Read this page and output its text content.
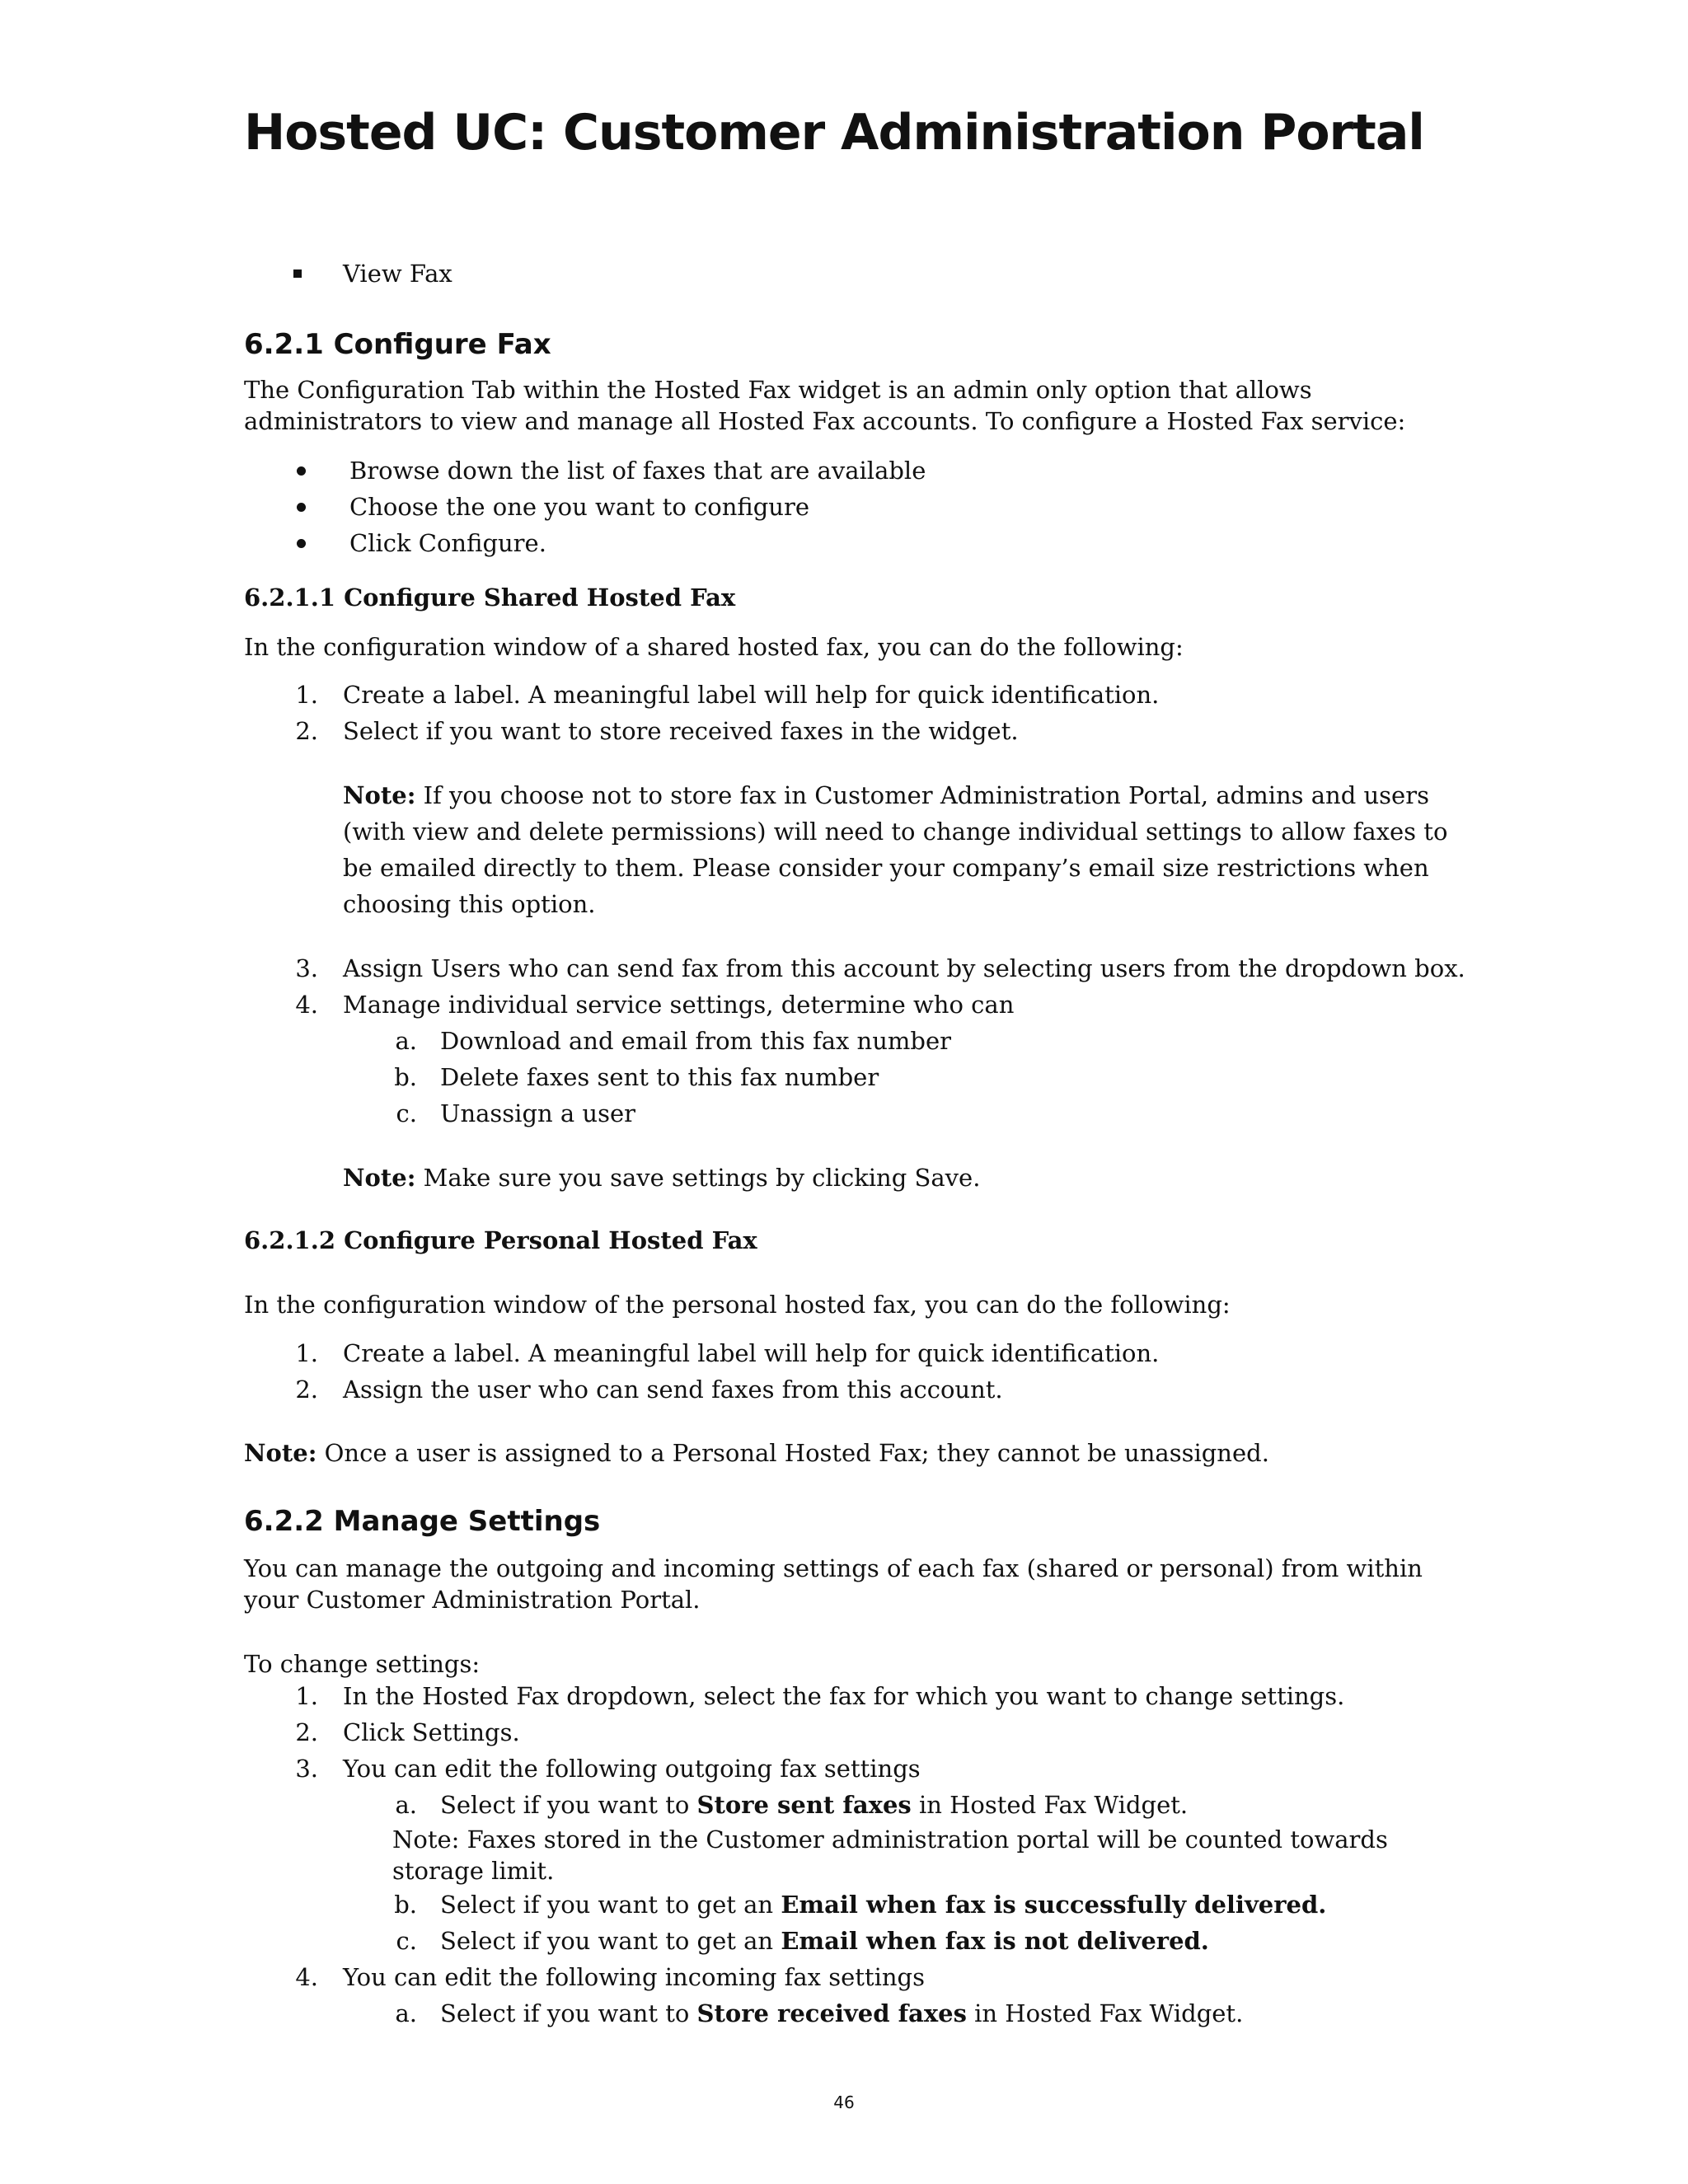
Hosted UC: Customer Administration Portal
View Fax
6.2.1 Configure Fax
The Configuration Tab within the Hosted Fax widget is an admin only option that allows
administrators to view and manage all Hosted Fax accounts. To configure a Hosted Fax service:
Browse down the list of faxes that are available
Choose the one you want to configure
Click Configure.
6.2.1.1 Configure Shared Hosted Fax
In the configuration window of a shared hosted fax, you can do the following:
1. Create a label. A meaningful label will help for quick identification.
2. Select if you want to store received faxes in the widget.
Note: If you choose not to store fax in Customer Administration Portal, admins and users
(with view and delete permissions) will need to change individual settings to allow faxes to
be emailed directly to them. Please consider your company’s email size restrictions when
choosing this option.
3. Assign Users who can send fax from this account by selecting users from the dropdown box.
4. Manage individual service settings, determine who can
a. Download and email from this fax number
b. Delete faxes sent to this fax number
c. Unassign a user
Note: Make sure you save settings by clicking Save.
6.2.1.2 Configure Personal Hosted Fax
In the configuration window of the personal hosted fax, you can do the following:
1. Create a label. A meaningful label will help for quick identification.
2. Assign the user who can send faxes from this account.
Note: Once a user is assigned to a Personal Hosted Fax; they cannot be unassigned.
6.2.2 Manage Settings
You can manage the outgoing and incoming settings of each fax (shared or personal) from within
your Customer Administration Portal.
To change settings:
1. In the Hosted Fax dropdown, select the fax for which you want to change settings.
2. Click Settings.
3. You can edit the following outgoing fax settings
a. Select if you want to Store sent faxes in Hosted Fax Widget.
Note: Faxes stored in the Customer administration portal will be counted towards
storage limit.
b. Select if you want to get an Email when fax is successfully delivered.
c. Select if you want to get an Email when fax is not delivered.
4. You can edit the following incoming fax settings
a. Select if you want to Store received faxes in Hosted Fax Widget.
46
